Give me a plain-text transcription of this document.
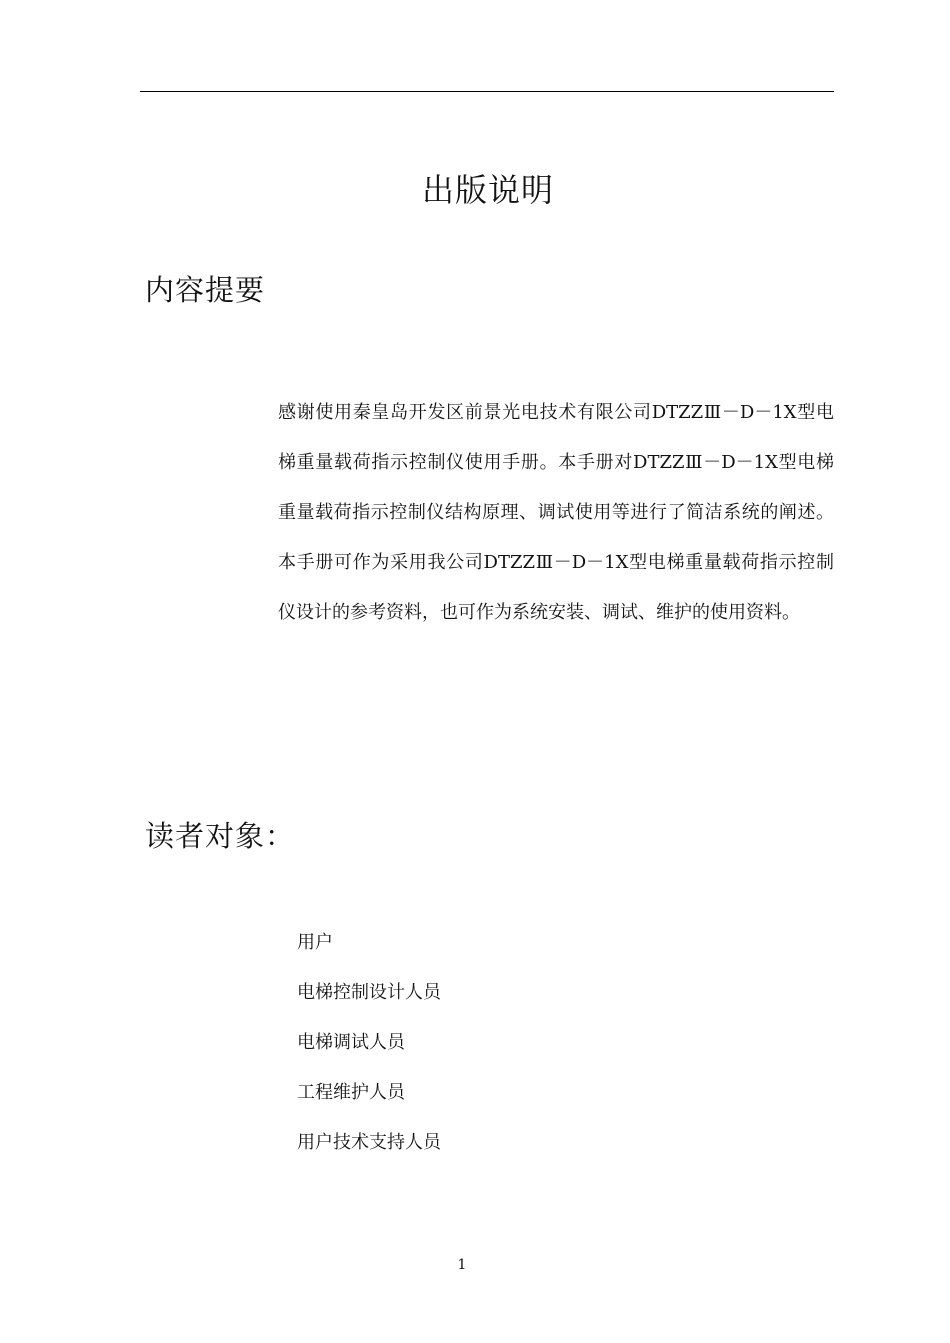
出版说明
内容提要

感谢使用秦皇岛开发区前景光电技术有限公司DTZZⅢ－D－1X型电梯重量载荷指示控制仪使用手册。本手册对DTZZⅢ－D－1X型电梯重量载荷指示控制仪结构原理、调试使用等进行了简洁系统的阐述。本手册可作为采用我公司DTZZⅢ－D－1X型电梯重量载荷指示控制仪设计的参考资料，也可作为系统安装、调试、维护的使用资料。

读者对象：
用户
电梯控制设计人员
电梯调试人员
工程维护人员
用户技术支持人员
1
